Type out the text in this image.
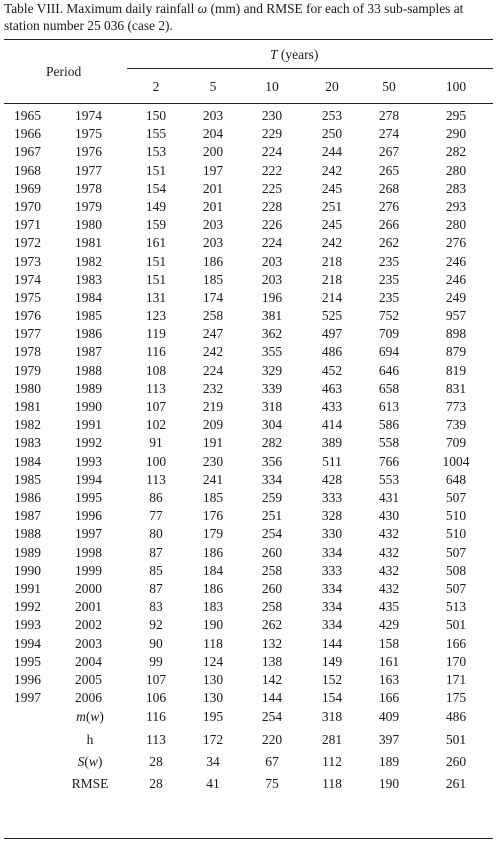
Table VIII. Maximum daily rainfall ω (mm) and RMSE for each of 33 sub-samples at station number 25 036 (case 2).
Period
T (years)
2	5	10	20	50	100
1965	1974	150	203	230	253	278	295
1966	1975	155	204	229	250	274	290
1967	1976	153	200	224	244	267	282
1968	1977	151	197	222	242	265	280
1969	1978	154	201	225	245	268	283
1970	1979	149	201	228	251	276	293
1971	1980	159	203	226	245	266	280
1972	1981	161	203	224	242	262	276
1973	1982	151	186	203	218	235	246
1974	1983	151	185	203	218	235	246
1975	1984	131	174	196	214	235	249
1976	1985	123	258	381	525	752	957
1977	1986	119	247	362	497	709	898
1978	1987	116	242	355	486	694	879
1979	1988	108	224	329	452	646	819
1980	1989	113	232	339	463	658	831
1981	1990	107	219	318	433	613	773
1982	1991	102	209	304	414	586	739
1983	1992	91	191	282	389	558	709
1984	1993	100	230	356	511	766	1004
1985	1994	113	241	334	428	553	648
1986	1995	86	185	259	333	431	507
1987	1996	77	176	251	328	430	510
1988	1997	80	179	254	330	432	510
1989	1998	87	186	260	334	432	507
1990	1999	85	184	258	333	432	508
1991	2000	87	186	260	334	432	507
1992	2001	83	183	258	334	435	513
1993	2002	92	190	262	334	429	501
1994	2003	90	118	132	144	158	166
1995	2004	99	124	138	149	161	170
1996	2005	107	130	142	152	163	171
1997	2006	106	130	144	154	166	175
m(w)	116	195	254	318	409	486
h	113	172	220	281	397	501
S(w)	28	34	67	112	189	260
RMSE	28	41	75	118	190	261
